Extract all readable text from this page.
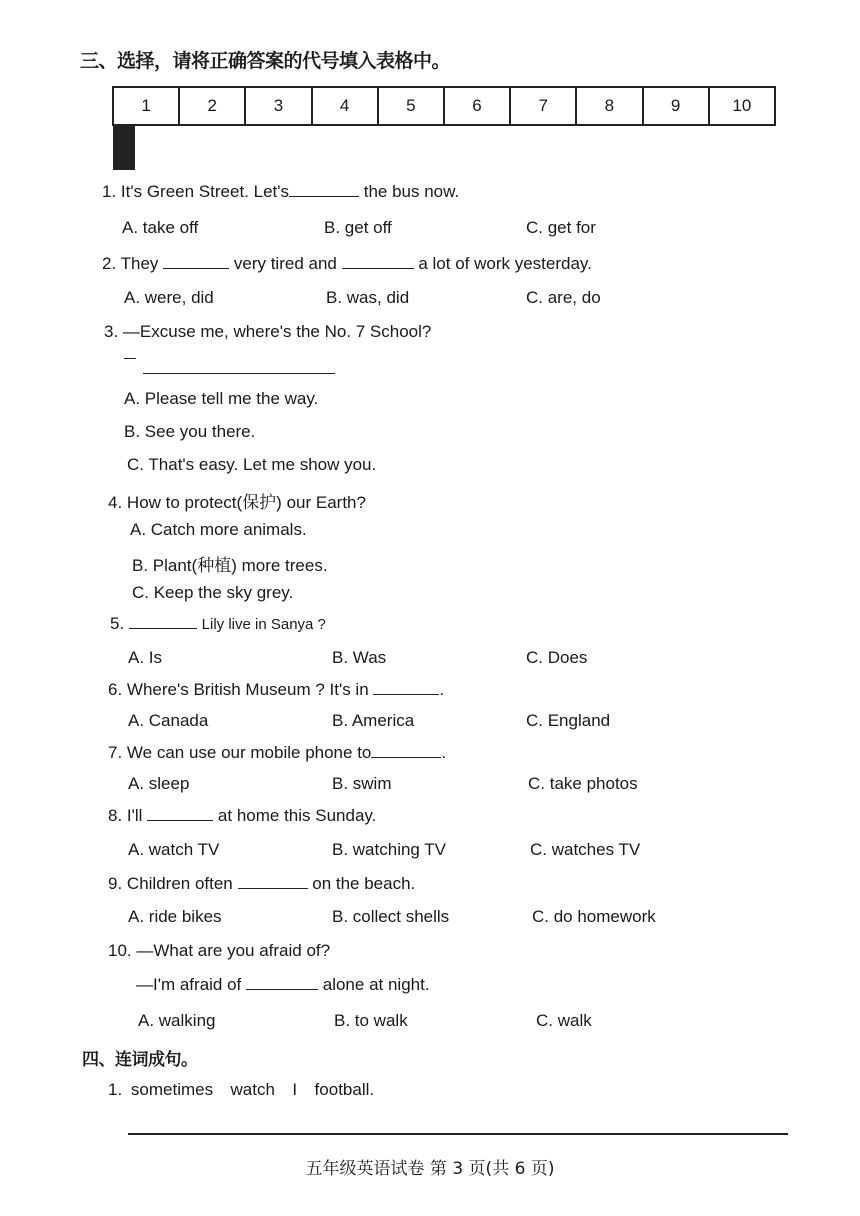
三、选择，请将正确答案的代号填入表格中。
1	2	3	4	5	6	7	8	9	10

1. It's Green Street. Let's	the bus now.
A. take off	B. get off	C. get for
2. They	very tired and	a lot of work yesterday.
A. were, did	B. was, did	C. are, do
3. —Excuse me, where's the No. 7 School?
A. Please tell me the way.
B. See you there.
C. That's easy. Let me show you.
4. How to protect(保护) our Earth?
A. Catch more animals.
B. Plant(种植) more trees.
C. Keep the sky grey.
5.	Lily live in Sanya ?
A. Is	B. Was	C. Does
6. Where's British Museum ? It's in	.
A. Canada	B. America	C. England
7. We can use our mobile phone to	.
A. sleep	B. swim	C. take photos
8. I'll	at home this Sunday.
A. watch TV	B. watching TV	C. watches TV
9. Children often	on the beach.
A. ride bikes	B. collect shells	C. do homework
10. —What are you afraid of?
—I'm afraid of	alone at night.
A. walking	B. to walk	C. walk
四、连词成句。
1. sometimes  watch  I  football.
五年级英语试卷 第 3 页(共 6 页)
